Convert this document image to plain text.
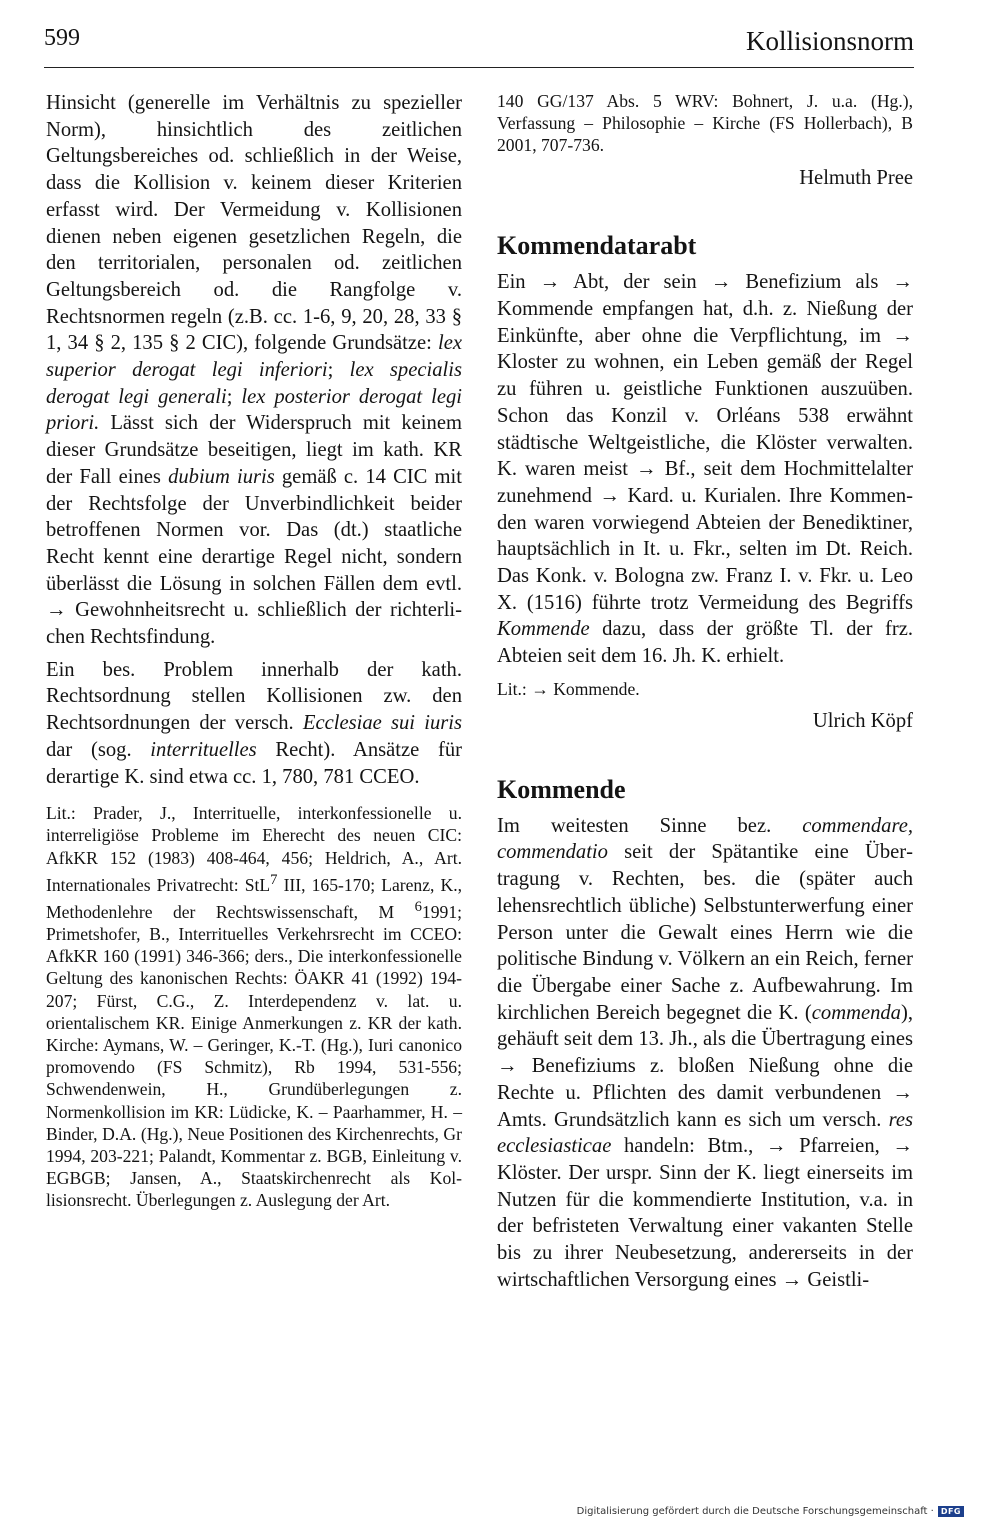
599	Kollisionsnorm

Hinsicht (generelle im Verhältnis zu spezieller Norm), hinsichtlich des zeitlichen Geltungsbereiches od. schließlich in der Weise, dass die Kollision v. keinem dieser Kriterien erfasst wird. Der Vermeidung v. Kollisionen dienen neben eigenen gesetzlichen Regeln, die den territorialen, personalen od. zeitlichen Geltungsbereich od. die Rangfolge v. Rechtsnormen regeln (z.B. cc. 1-6, 9, 20, 28, 33 § 1, 34 § 2, 135 § 2 CIC), folgende Grundsätze: lex superior derogat legi inferiori; lex specialis derogat legi generali; lex posterior derogat legi priori. Lässt sich der Widerspruch mit keinem dieser Grundsätze beseitigen, liegt im kath. KR der Fall eines dubium iuris gemäß c. 14 CIC mit der Rechtsfolge der Unverbindlichkeit beider betroffenen Normen vor. Das (dt.) staatliche Recht kennt eine derartige Regel nicht, sondern überlässt die Lösung in solchen Fällen dem evtl. → Gewohnheitsrecht u. schließlich der richterlichen Rechtsfindung.

Ein bes. Problem innerhalb der kath. Rechtsordnung stellen Kollisionen zw. den Rechtsordnungen der versch. Ecclesiae sui iuris dar (sog. interrituelles Recht). Ansätze für derartige K. sind etwa cc. 1, 780, 781 CCEO.

Lit.: Prader, J., Interrituelle, interkonfessionelle u. interreligiöse Probleme im Eherecht des neuen CIC: AfkKR 152 (1983) 408-464, 456; Heldrich, A., Art. Internationales Privatrecht: StL$^7$ III, 165-170; Larenz, K., Methodenlehre der Rechtswissenschaft, M $^6$1991; Primetshofer, B., Interrituelles Verkehrsrecht im CCEO: AfkKR 160 (1991) 346-366; ders., Die interkonfessionelle Geltung des kanonischen Rechts: ÖAKR 41 (1992) 194-207; Fürst, C.G., Z. Interdependenz v. lat. u. orientalischem KR. Einige Anmerkungen z. KR der kath. Kirche: Aymans, W. – Geringer, K.-T. (Hg.), Iuri canonico promovendo (FS Schmitz), Rb 1994, 531-556; Schwendenwein, H., Grundüberlegungen z. Normenkollision im KR: Lüdicke, K. – Paarhammer, H. – Binder, D.A. (Hg.), Neue Positionen des Kirchenrechts, Gr 1994, 203-221; Palandt, Kommentar z. BGB, Einleitung v. EGBGB; Jansen, A., Staatskirchenrecht als Kollisionsrecht. Überlegungen z. Auslegung der Art.

140 GG/137 Abs. 5 WRV: Bohnert, J. u.a. (Hg.), Verfassung – Philosophie – Kirche (FS Hollerbach), B 2001, 707-736.

Helmuth Pree

Kommendatarabt

Ein → Abt, der sein → Benefizium als → Kommende empfangen hat, d.h. z. Nießung der Einkünfte, aber ohne die Verpflichtung, im → Kloster zu wohnen, ein Leben gemäß der Regel zu führen u. geistliche Funktionen auszuüben. Schon das Konzil v. Orléans 538 erwähnt städtische Weltgeistliche, die Klöster verwalten. K. waren meist → Bf., seit dem Hochmittelalter zunehmend → Kard. u. Kurialen. Ihre Kommenden waren vorwiegend Abteien der Benediktiner, hauptsächlich in It. u. Fkr., selten im Dt. Reich. Das Konk. v. Bologna zw. Franz I. v. Fkr. u. Leo X. (1516) führte trotz Vermeidung des Begriffs Kommende dazu, dass der größte Tl. der frz. Abteien seit dem 16. Jh. K. erhielt.

Lit.: → Kommende.

Ulrich Köpf

Kommende

Im weitesten Sinne bez. commendare, commendatio seit der Spätantike eine Übertragung v. Rechten, bes. die (später auch lehensrechtlich übliche) Selbstunterwerfung einer Person unter die Gewalt eines Herrn wie die politische Bindung v. Völkern an ein Reich, ferner die Übergabe einer Sache z. Aufbewahrung. Im kirchlichen Bereich begegnet die K. (commenda), gehäuft seit dem 13. Jh., als die Übertragung eines → Benefiziums z. bloßen Nießung ohne die Rechte u. Pflichten des damit verbundenen → Amts. Grundsätzlich kann es sich um versch. res ecclesiasticae handeln: Btm., → Pfarreien, → Klöster. Der urspr. Sinn der K. liegt einerseits im Nutzen für die kommendierte Institution, v.a. in der befristeten Verwaltung einer vakanten Stelle bis zu ihrer Neubesetzung, andererseits in der wirtschaftlichen Versorgung eines → Geistli-

Digitalisierung gefördert durch die Deutsche Forschungsgemeinschaft · DFG
